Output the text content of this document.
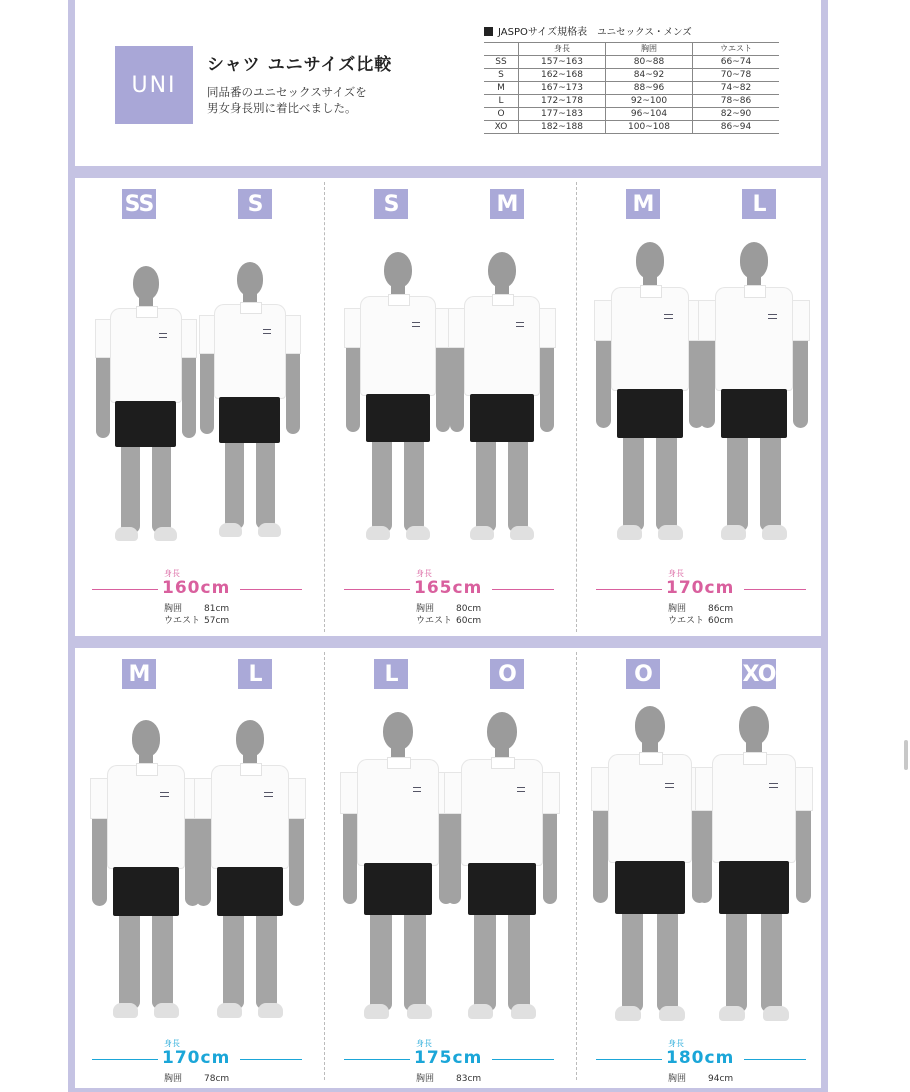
UNI
シャツ ユニサイズ比較
同品番のユニセックスサイズを
男女身長別に着比べました。
JASPOサイズ規格表 ユニセックス・メンズ
	身長	胸囲	ウエスト
SS	157~163	80~88	66~74
S	162~168	84~92	70~78
M	167~173	88~96	74~82
L	172~178	92~100	78~86
O	177~183	96~104	82~90
XO	182~188	100~108	86~94
SS	S
身長
160cm
胸囲 81cm
ウエスト 57cm
S	M
身長
165cm
胸囲 80cm
ウエスト 60cm
M	L
身長
170cm
胸囲 86cm
ウエスト 60cm
M	L
身長
170cm
胸囲 78cm
L	O
身長
175cm
胸囲 83cm
O	XO
身長
180cm
胸囲 94cm
